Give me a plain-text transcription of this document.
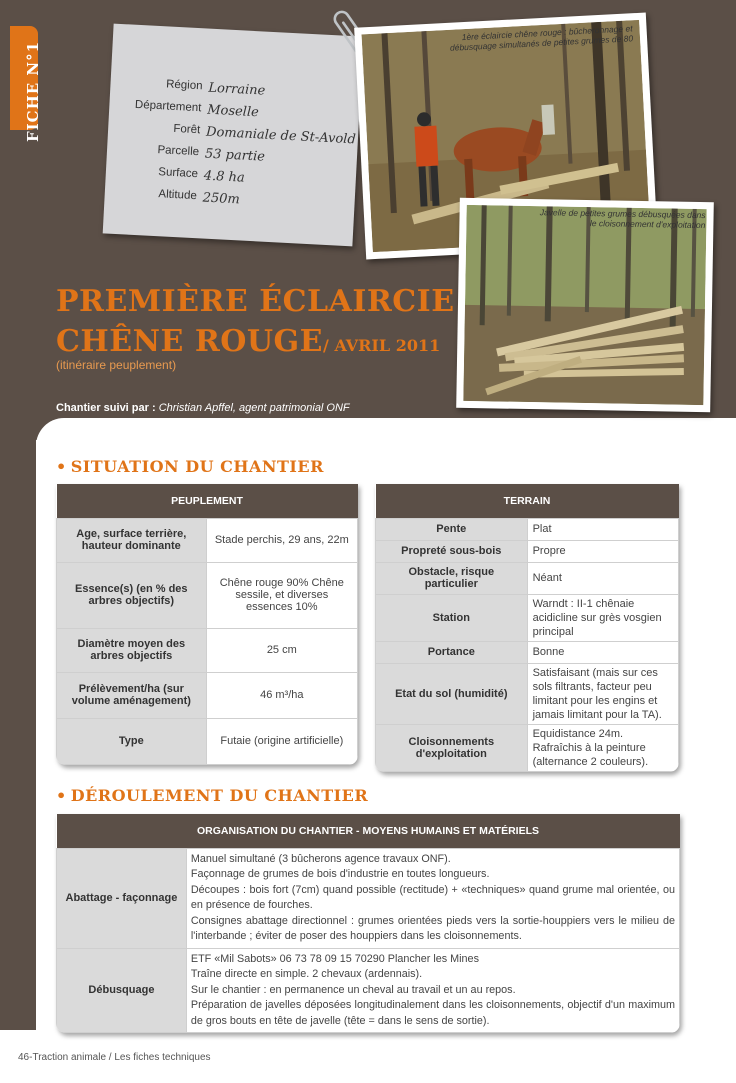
FICHE N°1	Région Lorraine
Département Moselle
Forêt Domaniale de St-Avold
Parcelle 53 partie
Surface 4.8 ha
Altitude 250m
1ère éclaircie chêne rouge : bûcheronnage et débusquage simultanés de petites grumes de 80
Javelle de petites grumes débusquées dans le cloisonnement d'exploitation
PREMIÈRE ÉCLAIRCIE
CHÊNE ROUGE/ AVRIL 2011
(itinéraire peuplement)
Chantier suivi par : Christian Apffel, agent patrimonial ONF
• SITUATION DU CHANTIER
PEUPLEMENT	
Age, surface terrière, hauteur dominante	Stade perchis, 29 ans, 22m
Essence(s) (en % des arbres objectifs)	Chêne rouge 90% Chêne sessile, et diverses essences 10%
Diamètre moyen des arbres objectifs	25 cm
Prélèvement/ha (sur volume aménagement)	46 m³/ha
Type	Futaie (origine artificielle)
TERRAIN	
Pente	Plat
Propreté sous-bois	Propre
Obstacle, risque particulier	Néant
Station	Warndt : II-1 chênaie acidicline sur grès vosgien principal
Portance	Bonne
Etat du sol (humidité)	Satisfaisant (mais sur ces sols filtrants, facteur peu limitant pour les engins et jamais limitant pour la TA).
Cloisonnements d'exploitation	Equidistance 24m. Rafraîchis à la peinture (alternance 2 couleurs).
• DÉROULEMENT DU CHANTIER
ORGANISATION DU CHANTIER - MOYENS HUMAINS ET MATÉRIELS	
Abattage - façonnage	Manuel simultané (3 bûcherons agence travaux ONF).
Façonnage de grumes de bois d'industrie en toutes longueurs.
Découpes : bois fort (7cm) quand possible (rectitude) + «techniques» quand grume mal orientée, ou en présence de fourches.
Consignes abattage directionnel : grumes orientées pieds vers la sortie-houppiers vers le milieu de l'interbande ; éviter de poser des houppiers dans les cloisonnements.

Débusquage	ETF «Mil Sabots» 06 73 78 09 15 70290 Plancher les Mines
Traîne directe en simple. 2 chevaux (ardennais).
Sur le chantier : en permanence un cheval au travail et un au repos.
Préparation de javelles déposées longitudinalement dans les cloisonnements, objectif d'un maximum de gros bouts en tête de javelle (tête = dans le sens de sortie).
46-Traction animale / Les fiches techniques
